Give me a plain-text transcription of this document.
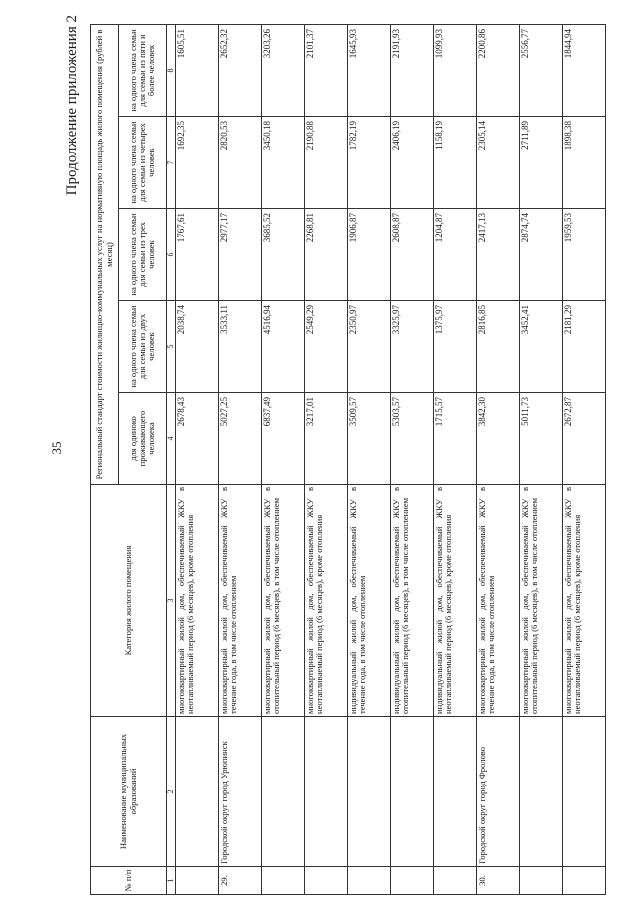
35
Продолжение приложения 2
№ п/п	Наименование муниципальных образований	Категория жилого помещения	Региональный стандарт стоимости жилищно-коммунальных услуг на нормативную площадь жилого помещения (рублей в месяц)				
			для одиноко проживающего человека	на одного члена семьи для семьи из двух человек	на одного члена семьи для семьи из трех человек	на одного члена семьи для семьи из четырех человек	на одного члена семьи для семьи из пяти и более человек
1	2	3	4	5	6	7	8
		многоквартирный жилой дом, обеспечиваемый ЖКУ в неотапливаемый период (6 месяцев), кроме отопления	2678,43	2038,74	1767,61	1692,35	1605,51
29.	Городской округ город Урюпинск	многоквартирный жилой дом, обеспечиваемый ЖКУ в течение года, в том числе отоплением	5027,25	3533,11	2977,17	2820,53	2652,32
		многоквартирный жилой дом, обеспечиваемый ЖКУ в отопительный период (6 месяцев), в том числе отоплением	6837,49	4516,94	3685,52	3450,18	3203,26
		многоквартирный жилой дом, обеспечиваемый ЖКУ в неотапливаемый период (6 месяцев), кроме отопления	3217,01	2549,29	2268,81	2190,88	2101,37
		индивидуальный жилой дом, обеспечиваемый ЖКУ в течение года, в том числе отоплением	3509,57	2350,97	1906,87	1782,19	1645,93
		индивидуальный жилой дом, обеспечиваемый ЖКУ в отопительный период (6 месяцев), в том числе отоплением	5303,57	3325,97	2608,87	2406,19	2191,93
		индивидуальный жилой дом, обеспечиваемый ЖКУ в неотапливаемый период (6 месяцев), кроме отопления	1715,57	1375,97	1204,87	1158,19	1099,93
30.	Городской округ город Фролово	многоквартирный жилой дом, обеспечиваемый ЖКУ в течение года, в том числе отоплением	3842,30	2816,85	2417,13	2305,14	2200,86
		многоквартирный жилой дом, обеспечиваемый ЖКУ в отопительный период (6 месяцев), в том числе отоплением	5011,73	3452,41	2874,74	2711,89	2556,77
		многоквартирный жилой дом, обеспечиваемый ЖКУ в неотапливаемый период (6 месяцев), кроме отопления	2672,87	2181,29	1959,53	1898,38	1844,94
